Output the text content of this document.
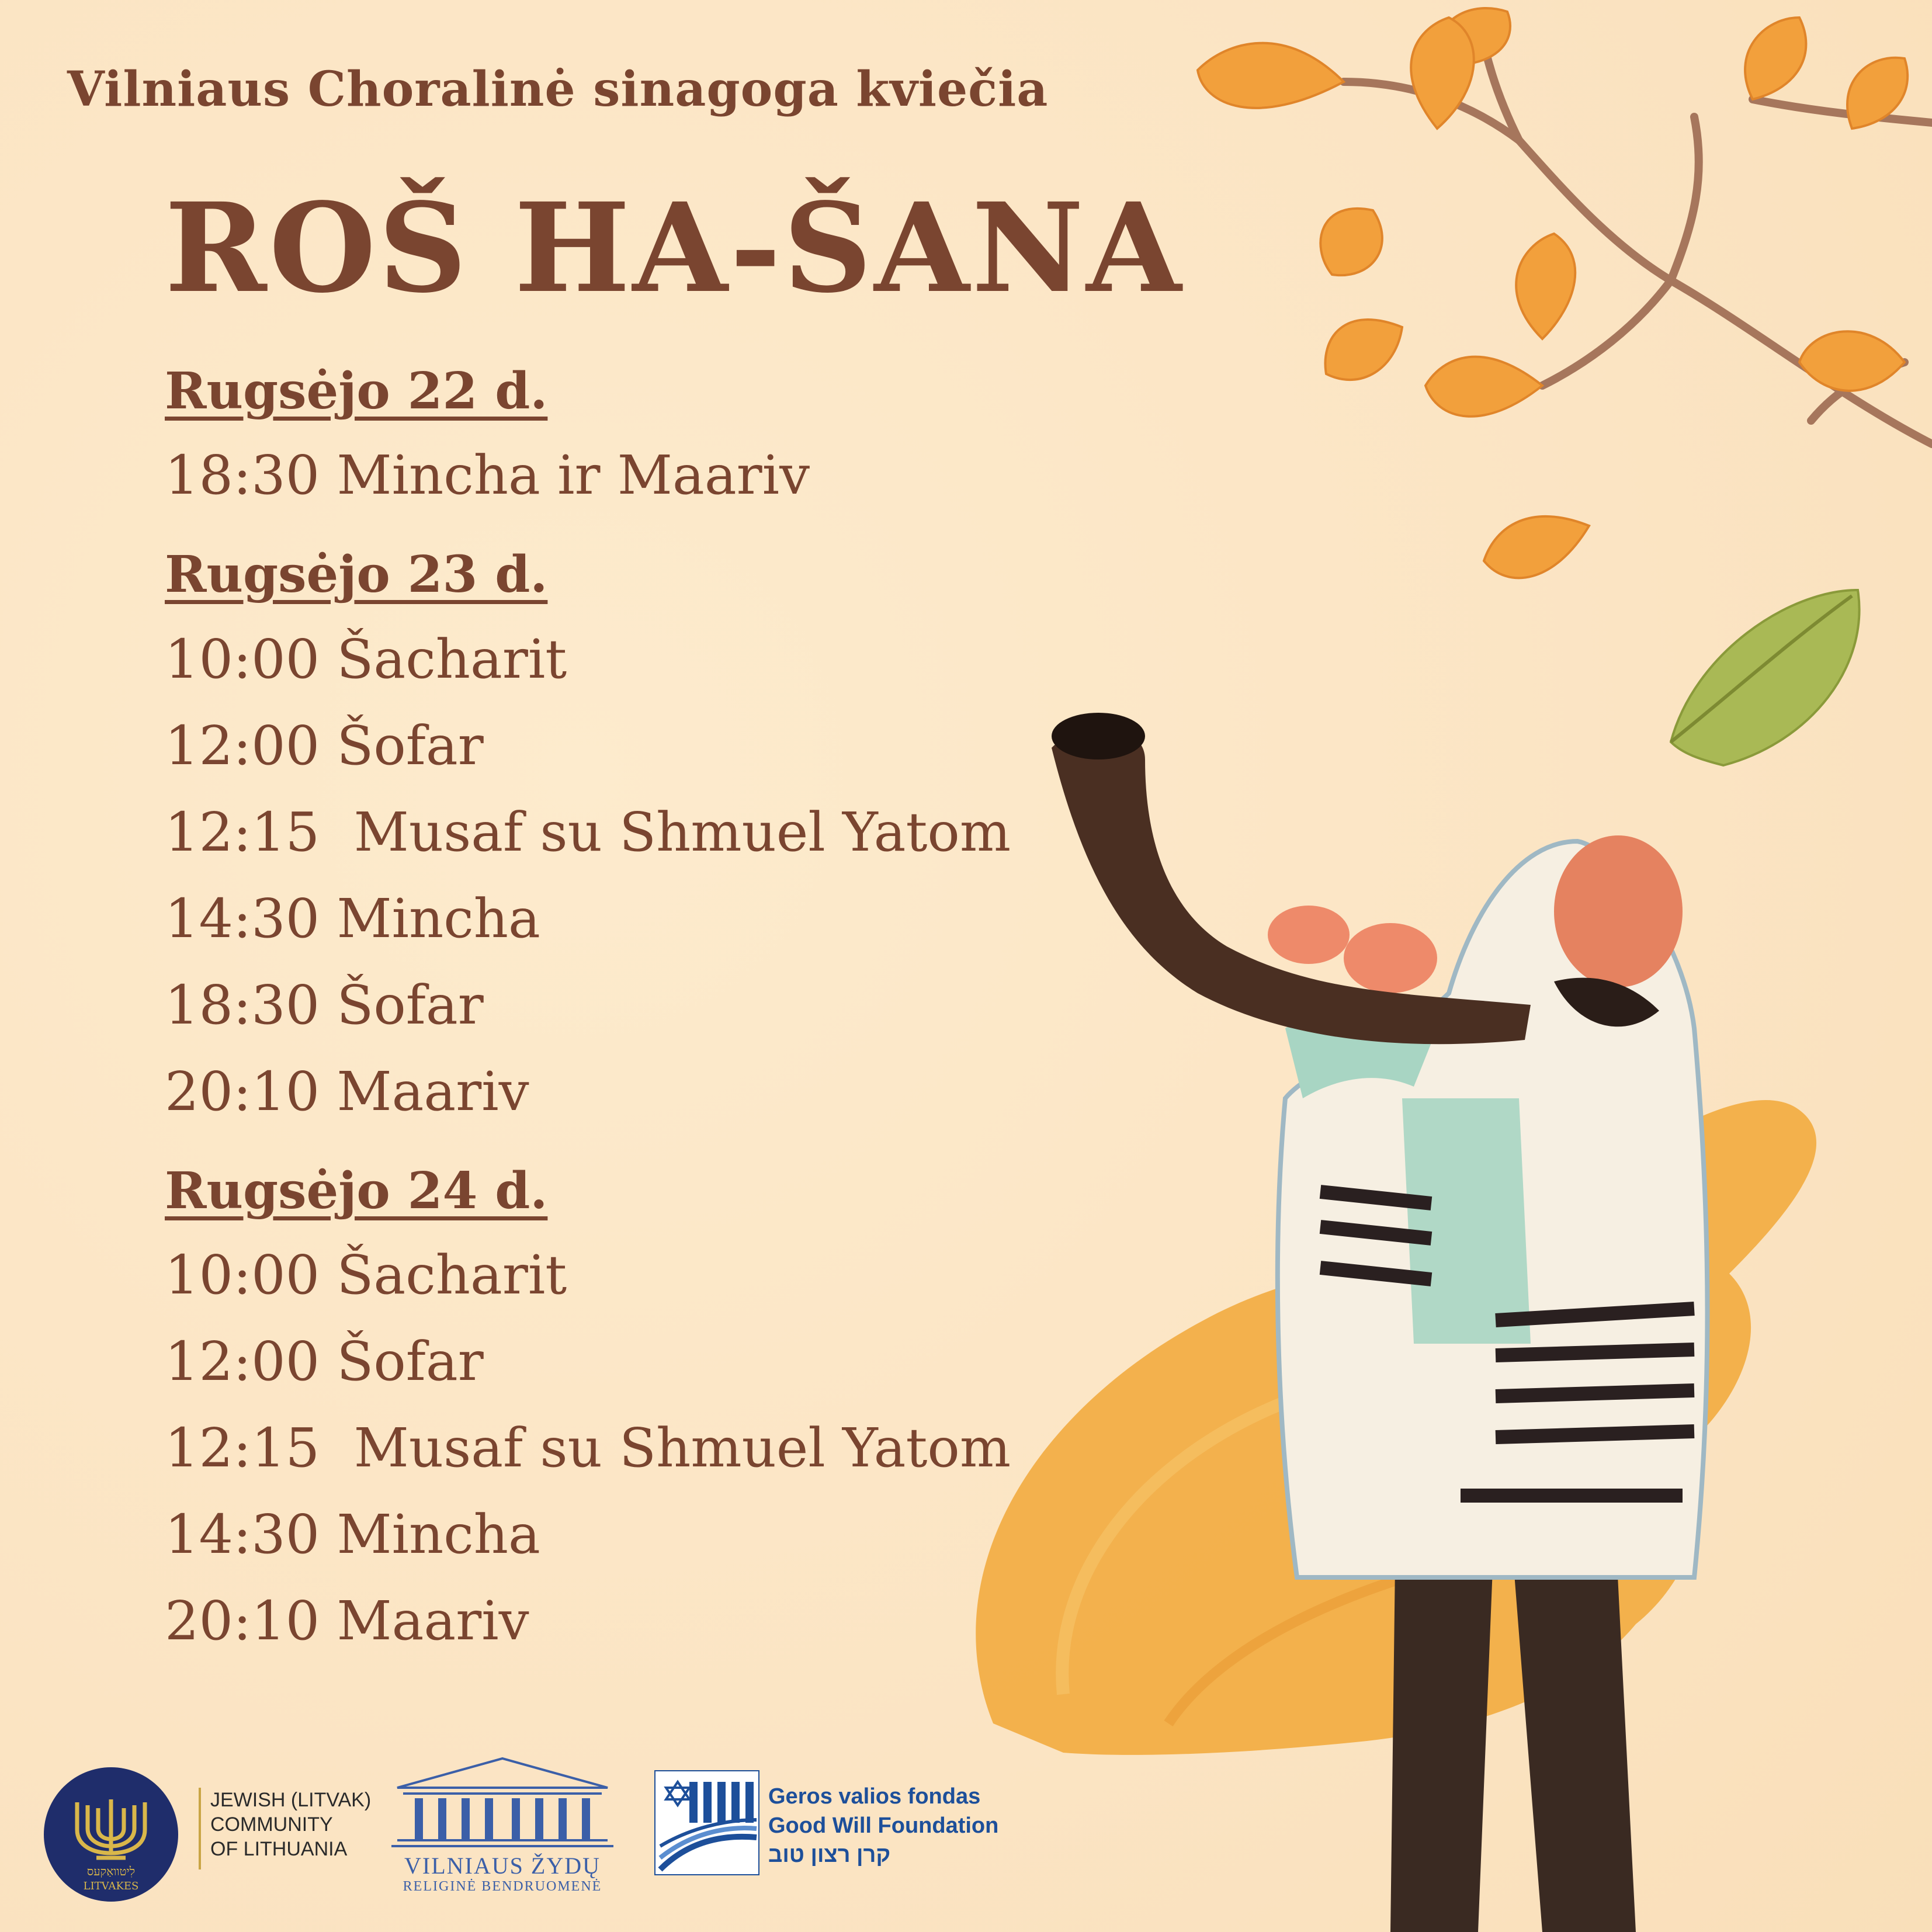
Vilniaus Choralinė sinagoga kviečia
ROŠ HA-ŠANA
Rugsėjo 22 d.
18:30 Mincha ir Maariv
Rugsėjo 23 d.
10:00 Šacharit
12:00 Šofar
12:15  Musaf su Shmuel Yatom
14:30 Mincha
18:30 Šofar
20:10 Maariv
Rugsėjo 24 d.
10:00 Šacharit
12:00 Šofar
12:15  Musaf su Shmuel Yatom
14:30 Mincha
20:10 Maariv
לִיטוואַקעס
LITVAKES
JEWISH (LITVAK)
COMMUNITY
OF LITHUANIA
VILNIAUS ŽYDŲ
RELIGINĖ BENDRUOMENĖ
Geros valios fondas
Good Will Foundation
קרן רצון טוב
